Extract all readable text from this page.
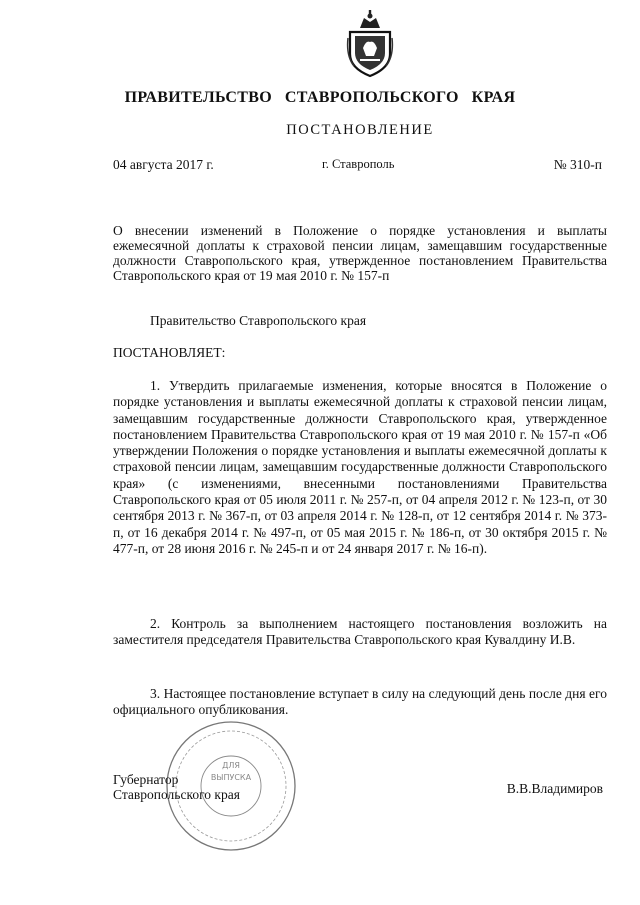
ПРАВИТЕЛЬСТВО   СТАВРОПОЛЬСКОГО   КРАЯ
ПОСТАНОВЛЕНИЕ
04 августа 2017 г.	г. Ставрополь	№ 310-п
О внесении изменений в Положение о порядке установления и выплаты ежемесячной доплаты к страховой пенсии лицам, замещавшим государственные должности Ставропольского края, утвержденное постановлением Правительства Ставропольского края от 19 мая 2010 г. № 157-п
Правительство Ставропольского края
ПОСТАНОВЛЯЕТ:
1. Утвердить прилагаемые изменения, которые вносятся в Положение о порядке установления и выплаты ежемесячной доплаты к страховой пенсии лицам, замещавшим государственные должности Ставропольского края, утвержденное постановлением Правительства Ставропольского края от 19 мая 2010 г. № 157-п «Об утверждении Положения о порядке установления и выплаты ежемесячной доплаты к страховой пенсии лицам, замещавшим государственные должности Ставропольского края» (с изменениями, внесенными постановлениями Правительства Ставропольского края от 05 июля 2011 г. № 257-п, от 04 апреля 2012 г. № 123-п, от 30 сентября 2013 г. № 367-п, от 03 апреля 2014 г. № 128-п, от 12 сентября 2014 г. № 373-п, от 16 декабря 2014 г. № 497-п, от 05 мая 2015 г. № 186-п, от 30 октября 2015 г. № 477-п, от 28 июня 2016 г. № 245-п и от 24 января 2017 г. № 16-п).
2. Контроль за выполнением настоящего постановления возложить на заместителя председателя Правительства Ставропольского края Кувалдину И.В.
3. Настоящее постановление вступает в силу на следующий день после дня его официального опубликования.
ДЛЯ
ВЫПУСКА
Губернатор
Ставропольского края	В.В.Владимиров
